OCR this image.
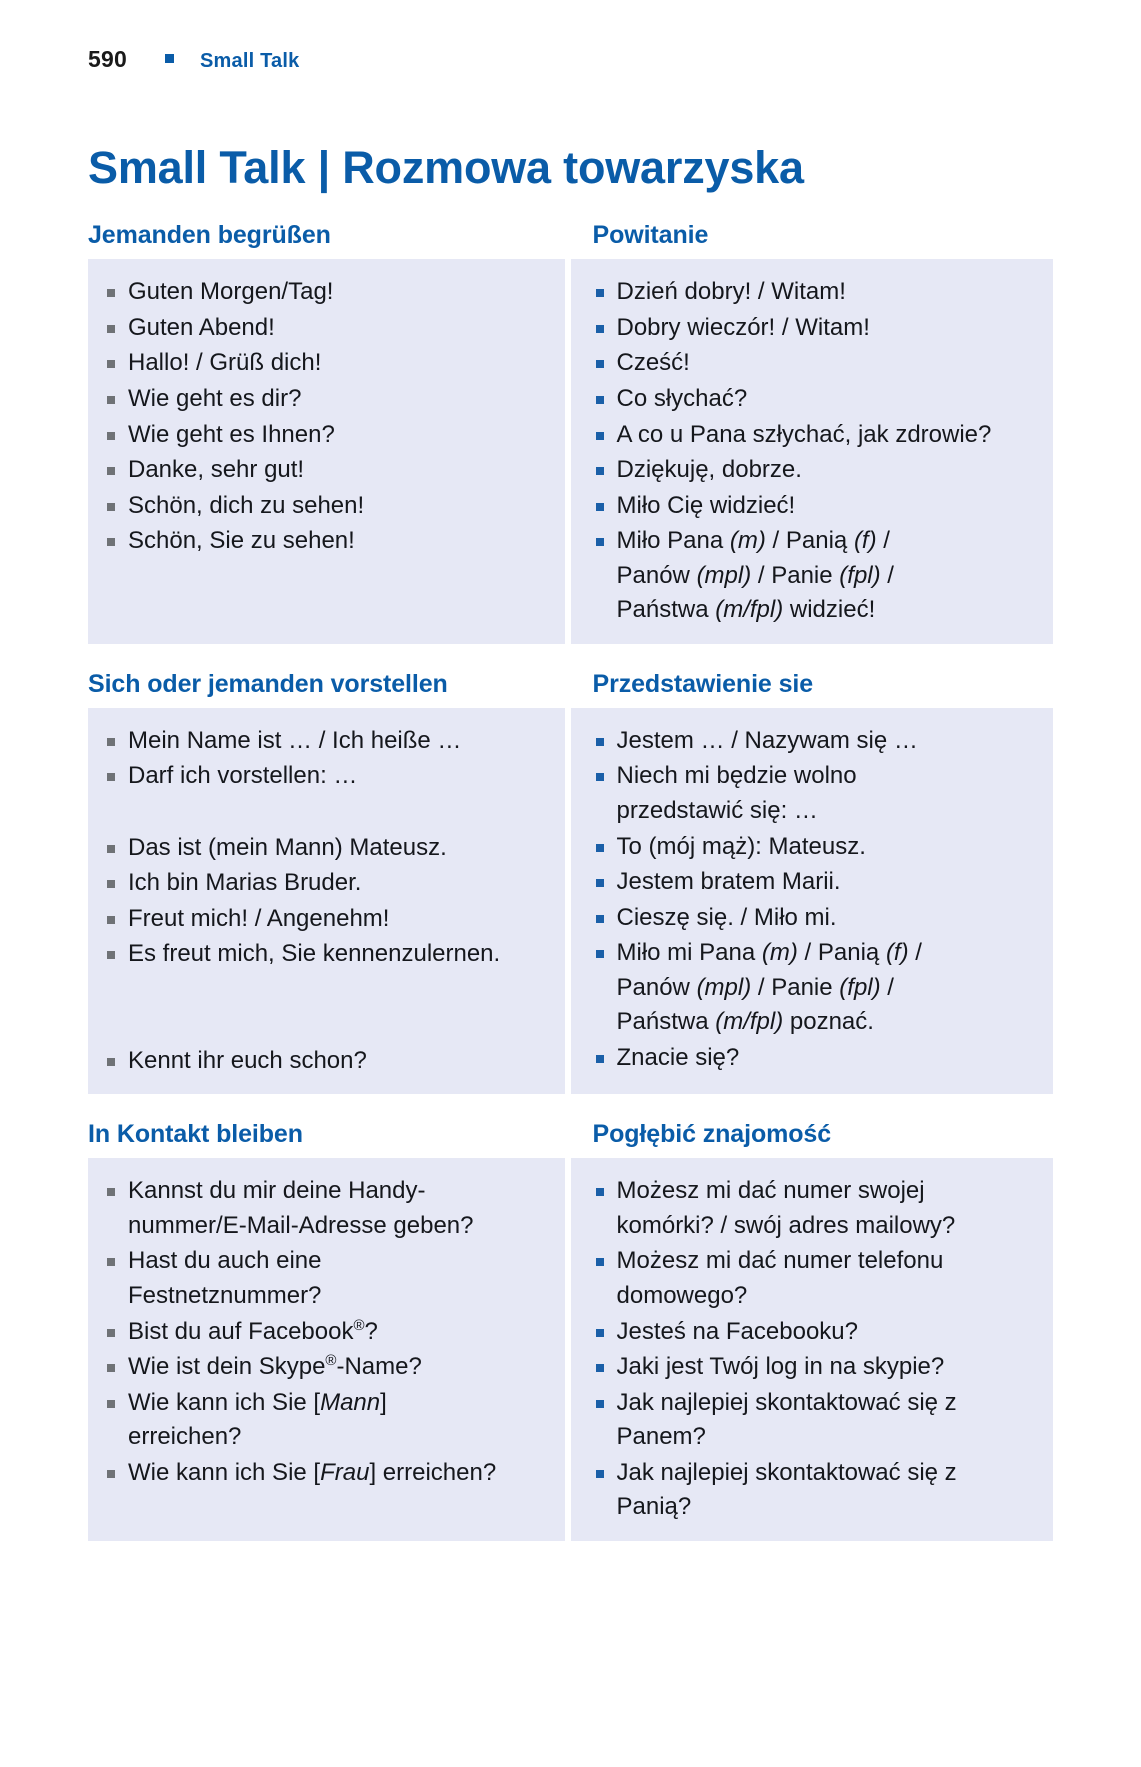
590	Small Talk
Small Talk | Rozmowa towarzyska
Jemanden begrüßen	Powitanie
Guten Morgen/Tag!
Guten Abend!
Hallo! / Grüß dich!
Wie geht es dir?
Wie geht es Ihnen?
Danke, sehr gut!
Schön, dich zu sehen!
Schön, Sie zu sehen!
Dzień dobry! / Witam!
Dobry wieczór! / Witam!
Cześć!
Co słychać?
A co u Pana szłychać, jak zdrowie?
Dziękuję, dobrze.
Miło Cię widzieć!
Miło Pana (m) / Panią (f) /
Panów (mpl) / Panie (fpl) /
Państwa (m/fpl) widzieć!
Sich oder jemanden vorstellen	Przedstawienie sie
Mein Name ist … / Ich heiße …
Darf ich vorstellen: …

Das ist (mein Mann) Mateusz.
Ich bin Marias Bruder.
Freut mich! / Angenehm!
Es freut mich, Sie kennenzulernen.

Kennt ihr euch schon?
Jestem … / Nazywam się …
Niech mi będzie wolno
przedstawić się: …
To (mój mąż): Mateusz.
Jestem bratem Marii.
Cieszę się. / Miło mi.
Miło mi Pana (m) / Panią (f) /
Panów (mpl) / Panie (fpl) /
Państwa (m/fpl) poznać.
Znacie się?
In Kontakt bleiben	Pogłębić znajomość
Kannst du mir deine Handy-
nummer/E-Mail-Adresse geben?
Hast du auch eine
Festnetznummer?
Bist du auf Facebook®?
Wie ist dein Skype®-Name?
Wie kann ich Sie [Mann]
erreichen?
Wie kann ich Sie [Frau] erreichen?
Możesz mi dać numer swojej
komórki? / swój adres mailowy?
Możesz mi dać numer telefonu
domowego?
Jesteś na Facebooku?
Jaki jest Twój log in na skypie?
Jak najlepiej skontaktować się z
Panem?
Jak najlepiej skontaktować się z
Panią?
